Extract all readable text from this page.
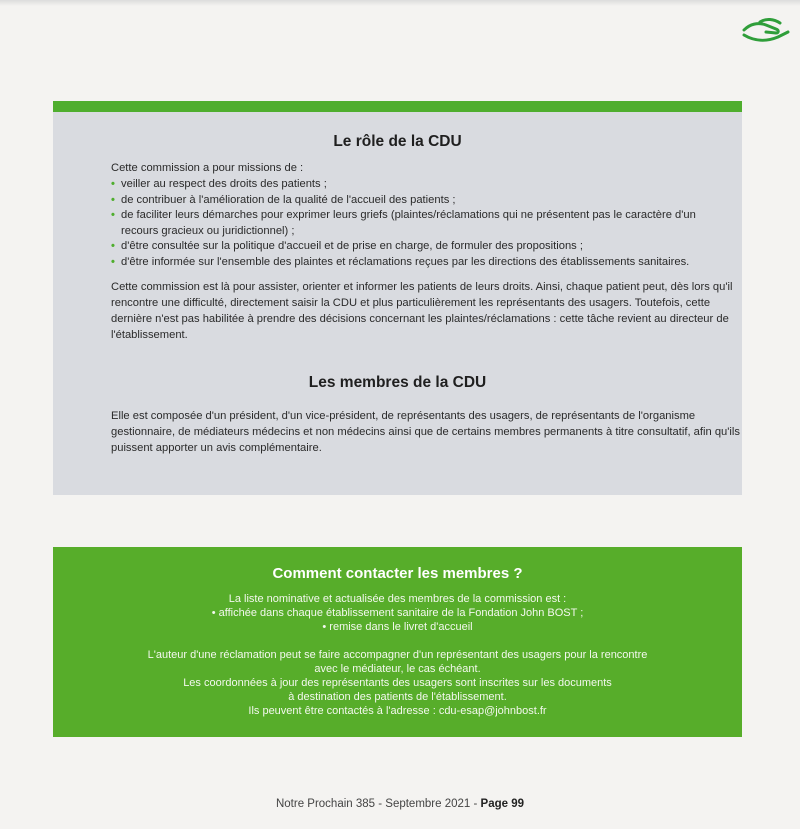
Le rôle de la CDU
Cette commission a pour missions de :
• veiller au respect des droits des patients ;
• de contribuer à l'amélioration de la qualité de l'accueil des patients ;
• de faciliter leurs démarches pour exprimer leurs griefs (plaintes/réclamations qui ne présentent pas le caractère d'un recours gracieux ou juridictionnel) ;
• d'être consultée sur la politique d'accueil et de prise en charge, de formuler des propositions ;
• d'être informée sur l'ensemble des plaintes et réclamations reçues par les directions des établissements sanitaires.

Cette commission est là pour assister, orienter et informer les patients de leurs droits. Ainsi, chaque patient peut, dès lors qu'il rencontre une difficulté, directement saisir la CDU et plus particulièrement les représentants des usagers. Toutefois, cette dernière n'est pas habilitée à prendre des décisions concernant les plaintes/réclamations : cette tâche revient au directeur de l'établissement.

Les membres de la CDU

Elle est composée d'un président, d'un vice-président, de représentants des usagers, de représentants de l'organisme gestionnaire, de médiateurs médecins et non médecins ainsi que de certains membres permanents à titre consultatif, afin qu'ils puissent apporter un avis complémentaire.

Comment contacter les membres ?
La liste nominative et actualisée des membres de la commission est :
• affichée dans chaque établissement sanitaire de la Fondation John BOST ;
• remise dans le livret d'accueil
L'auteur d'une réclamation peut se faire accompagner d'un représentant des usagers pour la rencontre
avec le médiateur, le cas échéant.
Les coordonnées à jour des représentants des usagers sont inscrites sur les documents
à destination des patients de l'établissement.
Ils peuvent être contactés à l'adresse : cdu-esap@johnbost.fr
Notre Prochain 385 - Septembre 2021 - Page 99
